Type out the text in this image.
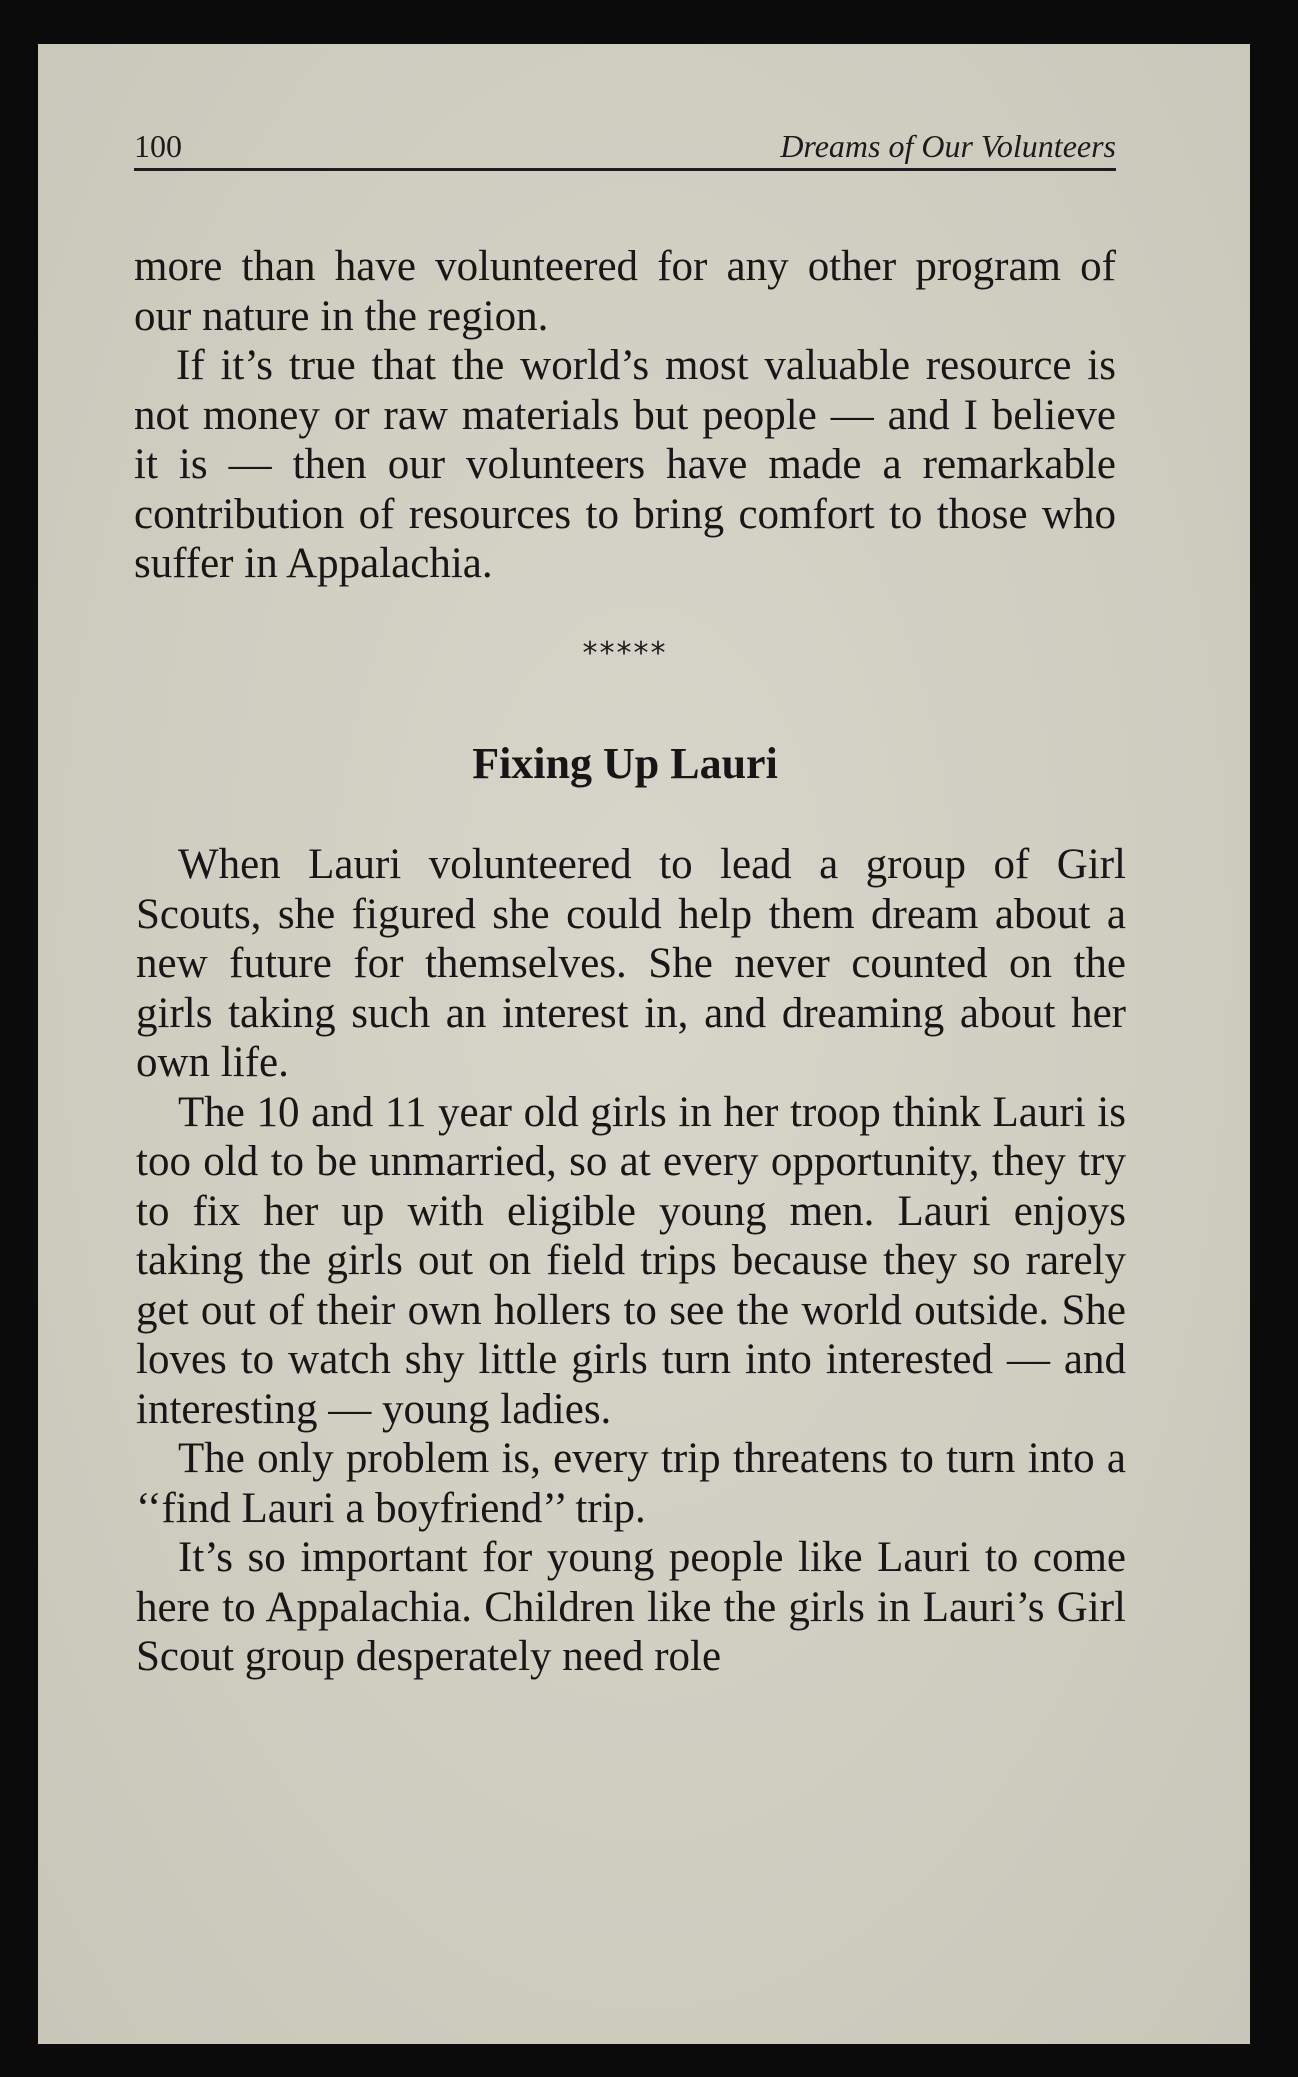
100	Dreams of Our Volunteers

more than have volunteered for any other program of our nature in the region.

If it’s true that the world’s most valuable resource is not money or raw materials but people — and I believe it is — then our volunteers have made a remarkable contribution of resources to bring comfort to those who suffer in Appalachia.

*****
Fixing Up Lauri

When Lauri volunteered to lead a group of Girl Scouts, she figured she could help them dream about a new future for themselves. She never counted on the girls taking such an interest in, and dreaming about her own life.

The 10 and 11 year old girls in her troop think Lauri is too old to be unmarried, so at every opportunity, they try to fix her up with eligible young men. Lauri enjoys taking the girls out on field trips because they so rarely get out of their own hollers to see the world outside. She loves to watch shy little girls turn into interested — and interesting — young ladies.

The only problem is, every trip threatens to turn into a ‘‘find Lauri a boyfriend’’ trip.

It’s so important for young people like Lauri to come here to Appalachia. Children like the girls in Lauri’s Girl Scout group desperately need role
